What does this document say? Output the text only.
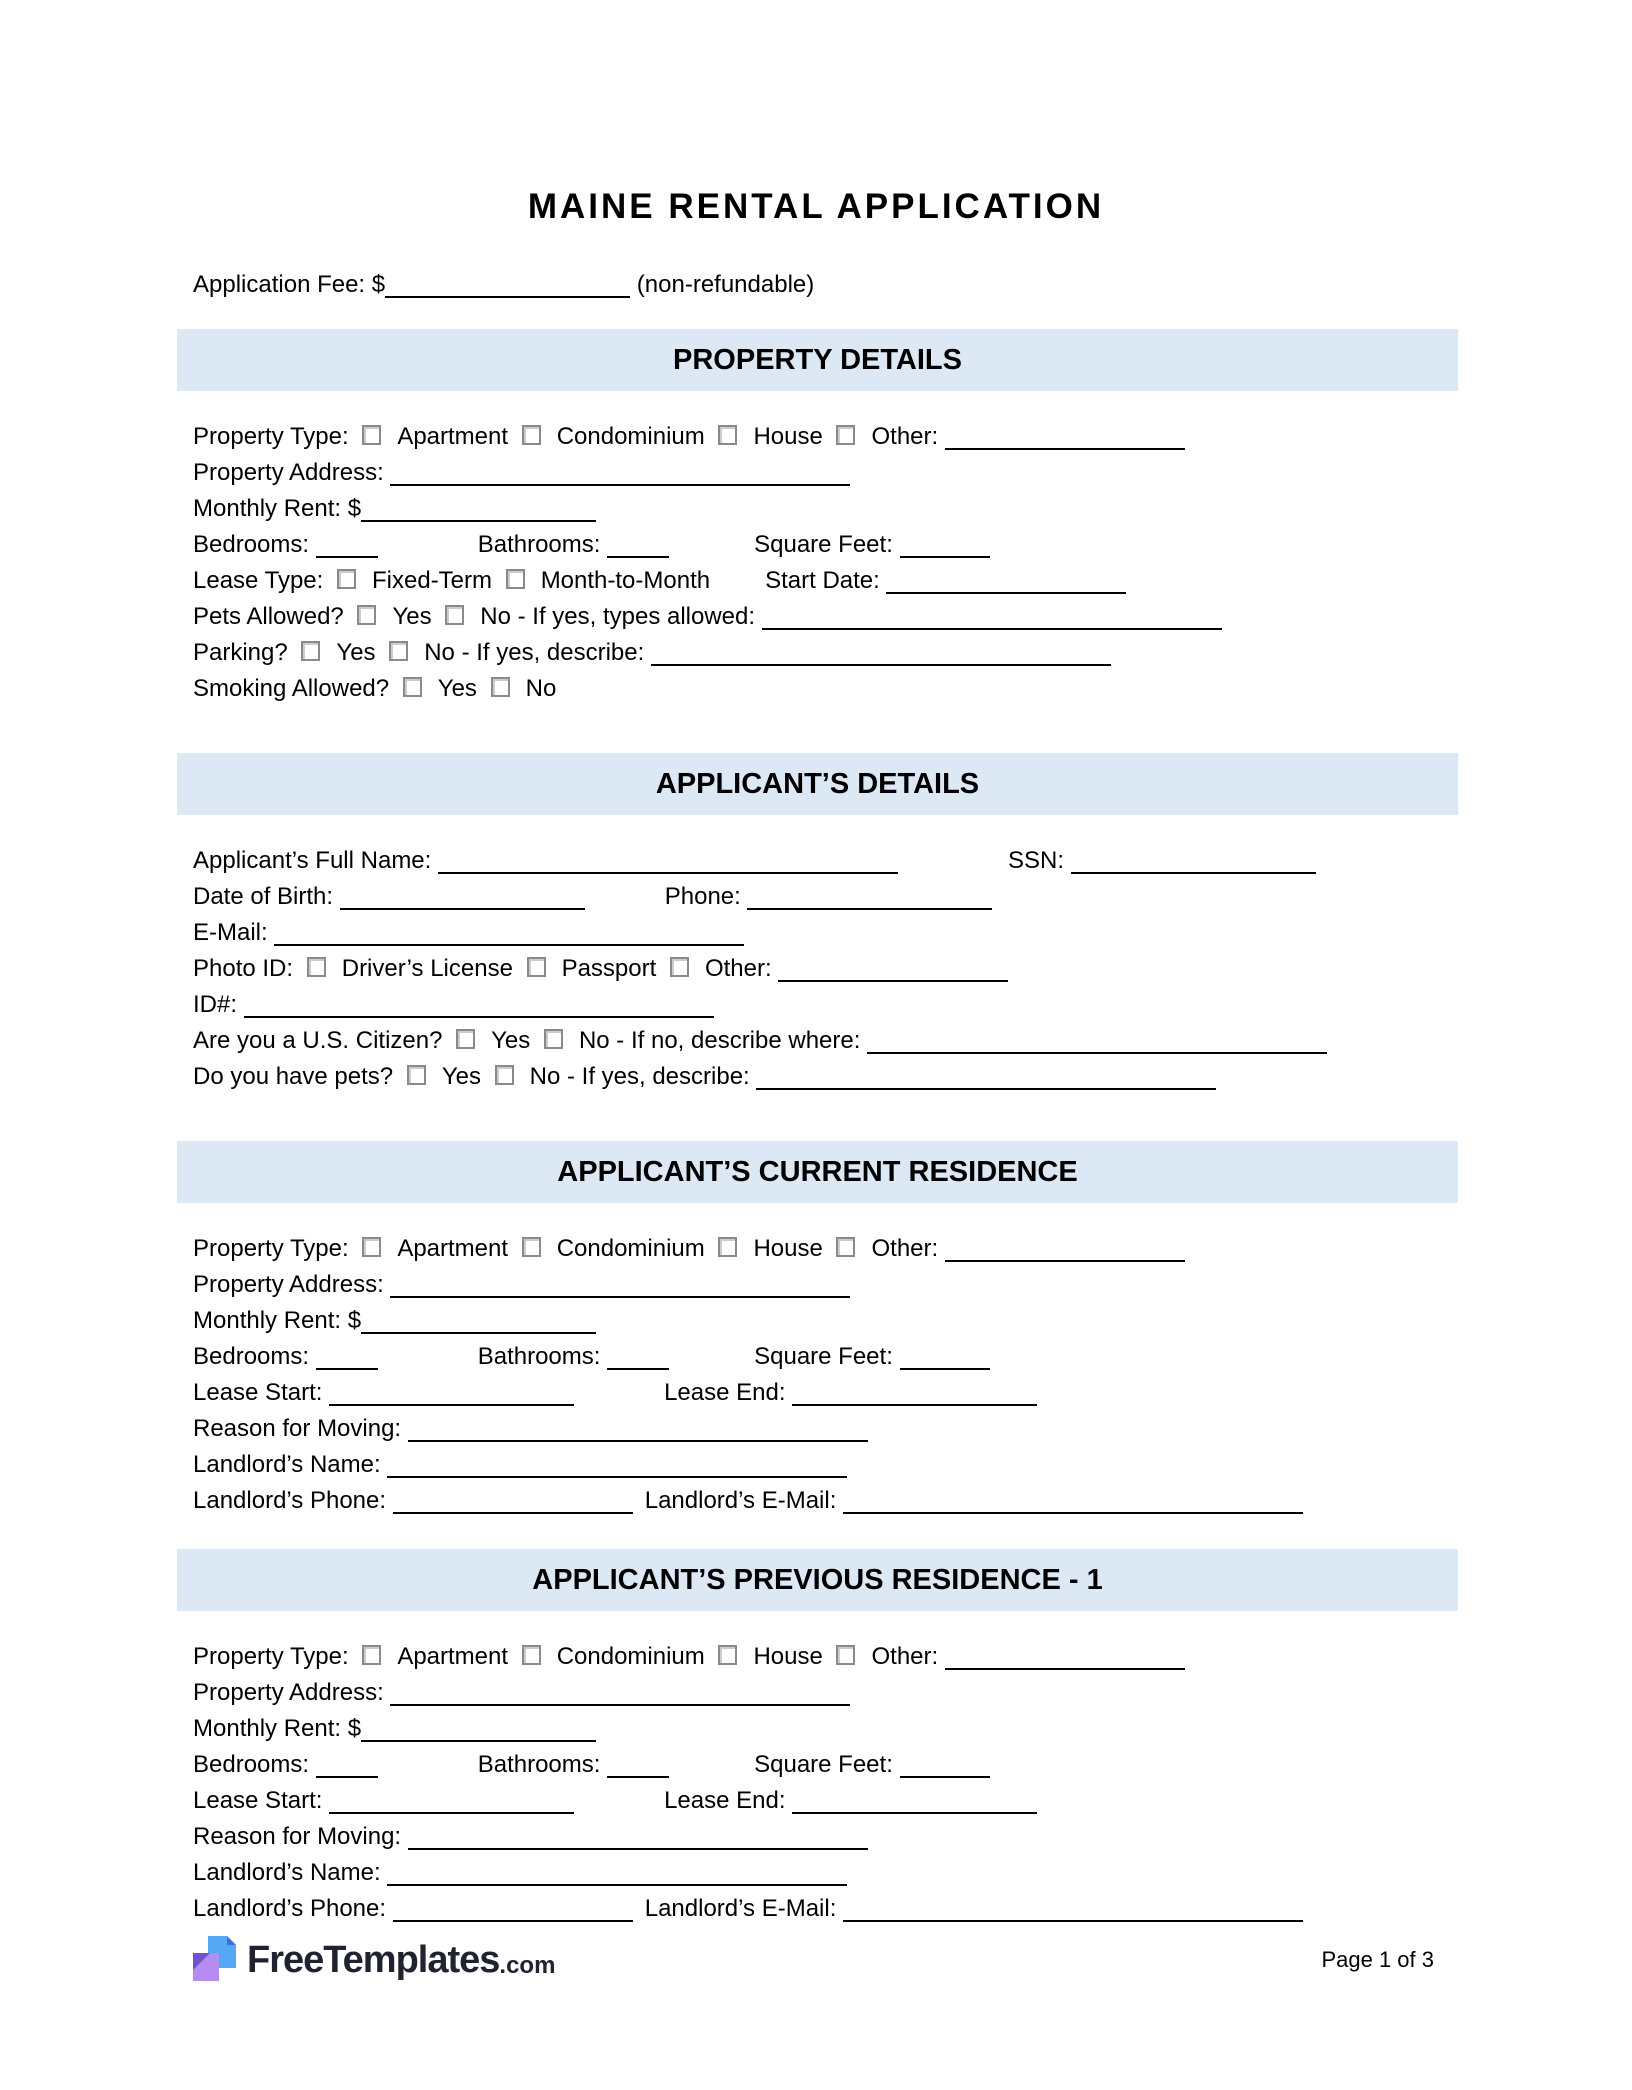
MAINE RENTAL APPLICATION
Application Fee: $	(non-refundable)
PROPERTY DETAILS
Property Type: Apartment Condominium House Other:
Property Address:
Monthly Rent: $
Bedrooms:	Bathrooms:	Square Feet:
Lease Type: Fixed-Term Month-to-Month Start Date:
Pets Allowed? Yes No - If yes, types allowed:
Parking? Yes No - If yes, describe:
Smoking Allowed? Yes No
APPLICANT’S DETAILS
Applicant’s Full Name:	SSN:
Date of Birth:	Phone:
E-Mail:
Photo ID: Driver’s License Passport Other:
ID#:
Are you a U.S. Citizen? Yes No - If no, describe where:
Do you have pets? Yes No - If yes, describe:
APPLICANT’S CURRENT RESIDENCE
Property Type: Apartment Condominium House Other:
Property Address:
Monthly Rent: $
Bedrooms:	Bathrooms:	Square Feet:
Lease Start:	Lease End:
Reason for Moving:
Landlord’s Name:
Landlord’s Phone:	Landlord’s E-Mail:
APPLICANT’S PREVIOUS RESIDENCE - 1
Property Type: Apartment Condominium House Other:
Property Address:
Monthly Rent: $
Bedrooms:	Bathrooms:	Square Feet:
Lease Start:	Lease End:
Reason for Moving:
Landlord’s Name:
Landlord’s Phone:	Landlord’s E-Mail:
FreeTemplates .com	Page 1 of 3
